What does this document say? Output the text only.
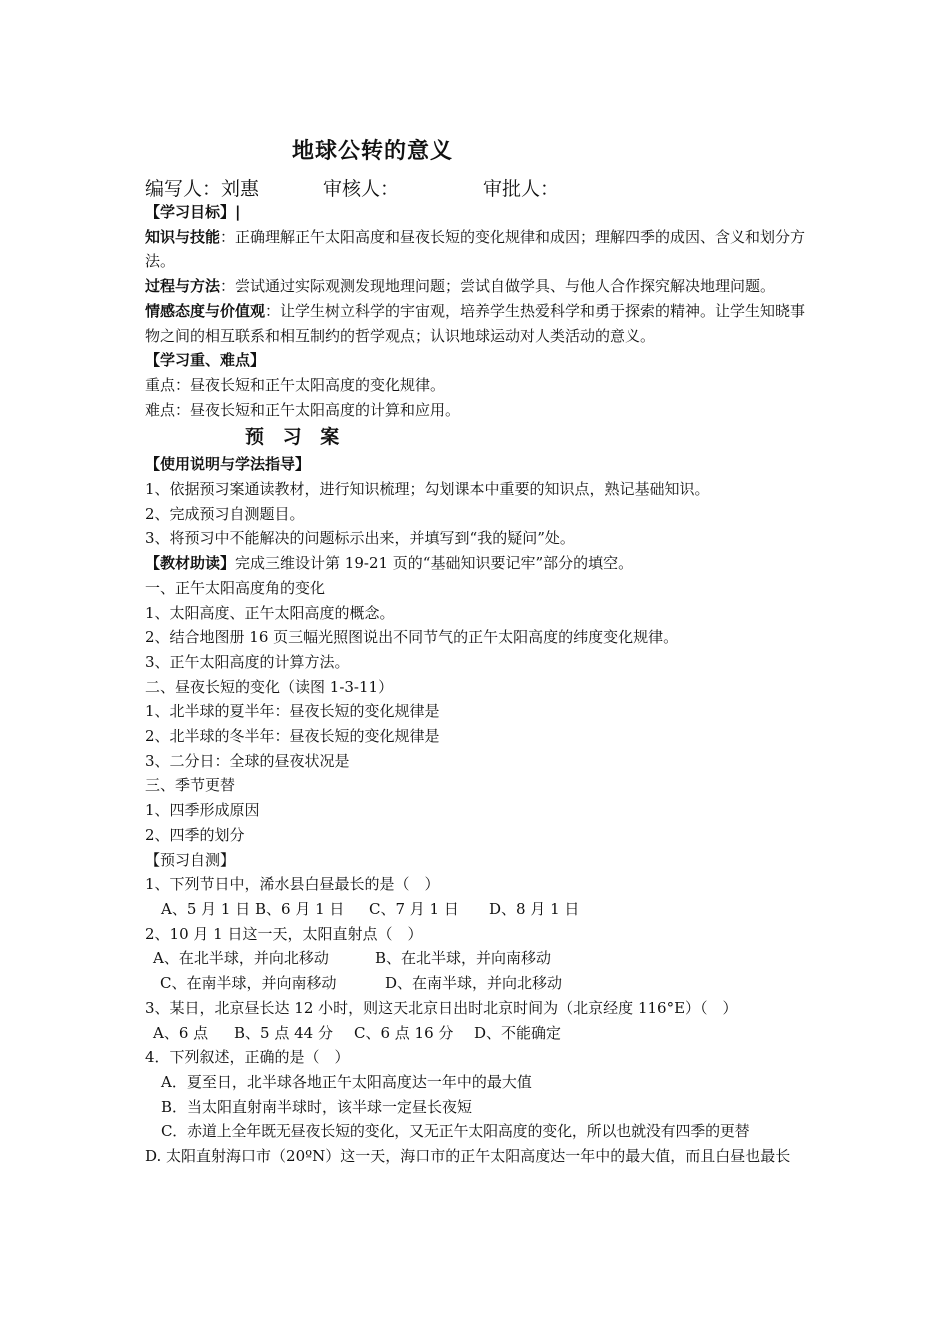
地球公转的意义
编写人：刘惠	审核人：	审批人：
【学习目标】|
知识与技能：正确理解正午太阳高度和昼夜长短的变化规律和成因；理解四季的成因、含义和划分方法。
过程与方法：尝试通过实际观测发现地理问题；尝试自做学具、与他人合作探究解决地理问题。
情感态度与价值观：让学生树立科学的宇宙观，培养学生热爱科学和勇于探索的精神。让学生知晓事物之间的相互联系和相互制约的哲学观点；认识地球运动对人类活动的意义。
【学习重、难点】
重点：昼夜长短和正午太阳高度的变化规律。
难点：昼夜长短和正午太阳高度的计算和应用。
预 习 案
【使用说明与学法指导】
1、依据预习案通读教材，进行知识梳理；勾划课本中重要的知识点，熟记基础知识。
2、完成预习自测题目。
3、将预习中不能解决的问题标示出来，并填写到“我的疑问”处。
【教材助读】完成三维设计第 19-21 页的“基础知识要记牢”部分的填空。
一、正午太阳高度角的变化
1、太阳高度、正午太阳高度的概念。
2、结合地图册 16 页三幅光照图说出不同节气的正午太阳高度的纬度变化规律。
3、正午太阳高度的计算方法。
二、昼夜长短的变化（读图 1-3-11）
1、北半球的夏半年：昼夜长短的变化规律是
2、北半球的冬半年：昼夜长短的变化规律是
3、二分日：全球的昼夜状况是
三、季节更替
1、四季形成原因
2、四季的划分
【预习自测】
1、下列节日中，浠水县白昼最长的是（　）
A、5 月 1 日 B、6 月 1 日 C、7 月 1 日 D、8 月 1 日
2、10 月 1 日这一天，太阳直射点（　）
A、在北半球，并向北移动	B、在北半球，并向南移动
C、在南半球，并向南移动	D、在南半球，并向北移动
3、某日，北京昼长达 12 小时，则这天北京日出时北京时间为（北京经度 116°E）（　）
A、6 点 B、5 点 44 分 C、6 点 16 分 D、不能确定
4．下列叙述，正确的是（　）
A．夏至日，北半球各地正午太阳高度达一年中的最大值
B．当太阳直射南半球时，该半球一定昼长夜短
C．赤道上全年既无昼夜长短的变化，又无正午太阳高度的变化，所以也就没有四季的更替
D. 太阳直射海口市（20ºN）这一天，海口市的正午太阳高度达一年中的最大值，而且白昼也最长
